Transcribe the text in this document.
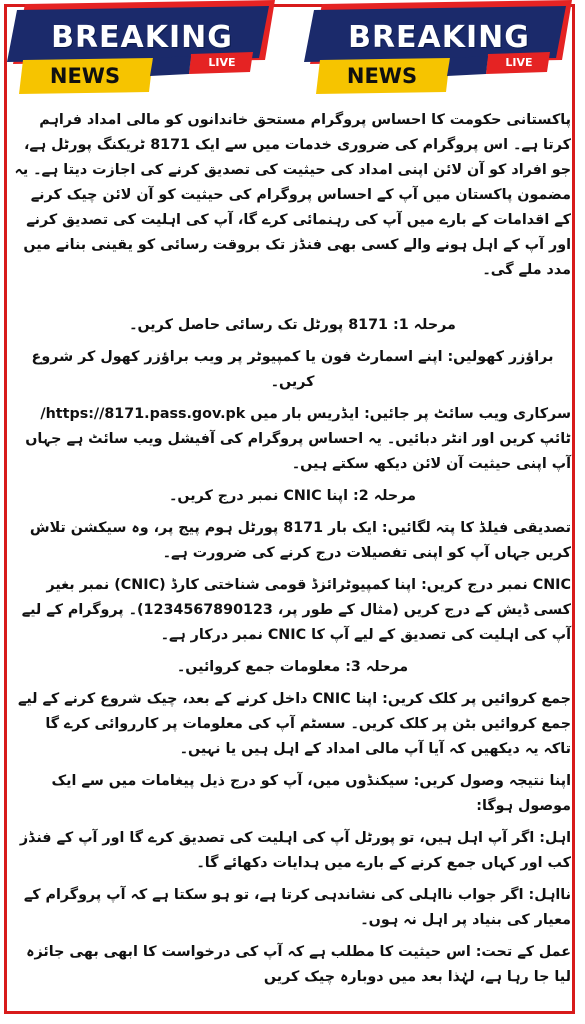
BREAKING
NEWS
LIVE
BREAKING
NEWS
LIVE

پاکستانی حکومت کا احساس پروگرام مستحق خاندانوں کو مالی امداد فراہم کرتا ہے۔ اس پروگرام کی ضروری خدمات میں سے ایک 8171 ٹریکنگ پورٹل ہے، جو افراد کو آن لائن اپنی امداد کی حیثیت کی تصدیق کرنے کی اجازت دیتا ہے۔ یہ مضمون پاکستان میں آپ کے احساس پروگرام کی حیثیت کو آن لائن چیک کرنے کے اقدامات کے بارے میں آپ کی رہنمائی کرے گا، آپ کی اہلیت کی تصدیق کرنے اور آپ کے اہل ہونے والے کسی بھی فنڈز تک بروقت رسائی کو یقینی بنانے میں مدد ملے گی۔

مرحلہ 1: 8171 پورٹل تک رسائی حاصل کریں۔

براؤزر کھولیں: اپنے اسمارٹ فون یا کمپیوٹر پر ویب براؤزر کھول کر شروع کریں۔

سرکاری ویب سائٹ پر جائیں: ایڈریس بار میں https://8171.pass.gov.pk/ ٹائپ کریں اور انٹر دبائیں۔ یہ احساس پروگرام کی آفیشل ویب سائٹ ہے جہاں آپ اپنی حیثیت آن لائن دیکھ سکتے ہیں۔

مرحلہ 2: اپنا CNIC نمبر درج کریں۔

تصدیقی فیلڈ کا پتہ لگائیں: ایک بار 8171 پورٹل ہوم پیج پر، وہ سیکشن تلاش کریں جہاں آپ کو اپنی تفصیلات درج کرنے کی ضرورت ہے۔

CNIC نمبر درج کریں: اپنا کمپیوٹرائزڈ قومی شناختی کارڈ (CNIC) نمبر بغیر کسی ڈیش کے درج کریں (مثال کے طور پر، 1234567890123)۔ پروگرام کے لیے آپ کی اہلیت کی تصدیق کے لیے آپ کا CNIC نمبر درکار ہے۔

مرحلہ 3: معلومات جمع کروائیں۔

جمع کروائیں پر کلک کریں: اپنا CNIC داخل کرنے کے بعد، چیک شروع کرنے کے لیے جمع کروائیں بٹن پر کلک کریں۔ سسٹم آپ کی معلومات پر کارروائی کرے گا تاکہ یہ دیکھیں کہ آیا آپ مالی امداد کے اہل ہیں یا نہیں۔

اپنا نتیجہ وصول کریں: سیکنڈوں میں، آپ کو درج ذیل پیغامات میں سے ایک موصول ہوگا:

اہل: اگر آپ اہل ہیں، تو پورٹل آپ کی اہلیت کی تصدیق کرے گا اور آپ کے فنڈز کب اور کہاں جمع کرنے کے بارے میں ہدایات دکھائے گا۔

نااہل: اگر جواب نااہلی کی نشاندہی کرتا ہے، تو ہو سکتا ہے کہ آپ پروگرام کے معیار کی بنیاد پر اہل نہ ہوں۔

عمل کے تحت: اس حیثیت کا مطلب ہے کہ آپ کی درخواست کا ابھی بھی جائزہ لیا جا رہا ہے، لہٰذا بعد میں دوبارہ چیک کریں
